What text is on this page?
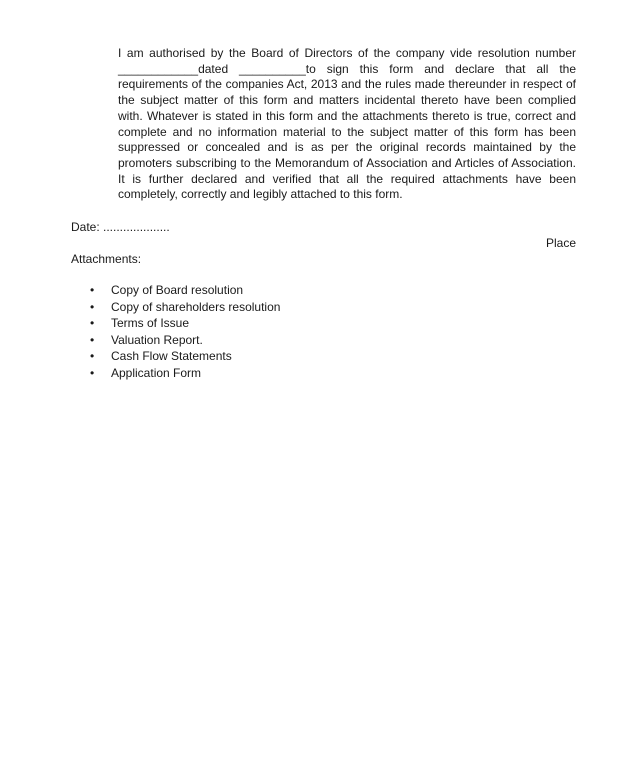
I am authorised by the Board of Directors of the company vide resolution number ____________dated __________to sign this form and declare that all the requirements of the companies Act, 2013 and the rules made thereunder in respect of the subject matter of this form and matters incidental thereto have been complied with. Whatever is stated in this form and the attachments thereto is true, correct and complete and no information material to the subject matter of this form has been suppressed or concealed and is as per the original records maintained by the promoters subscribing to the Memorandum of Association and Articles of Association. It is further declared and verified that all the required attachments have been completely, correctly and legibly attached to this form.

Date: ....................

Place

Attachments:

• Copy of Board resolution
• Copy of shareholders resolution
• Terms of Issue
• Valuation Report.
• Cash Flow Statements
• Application Form
